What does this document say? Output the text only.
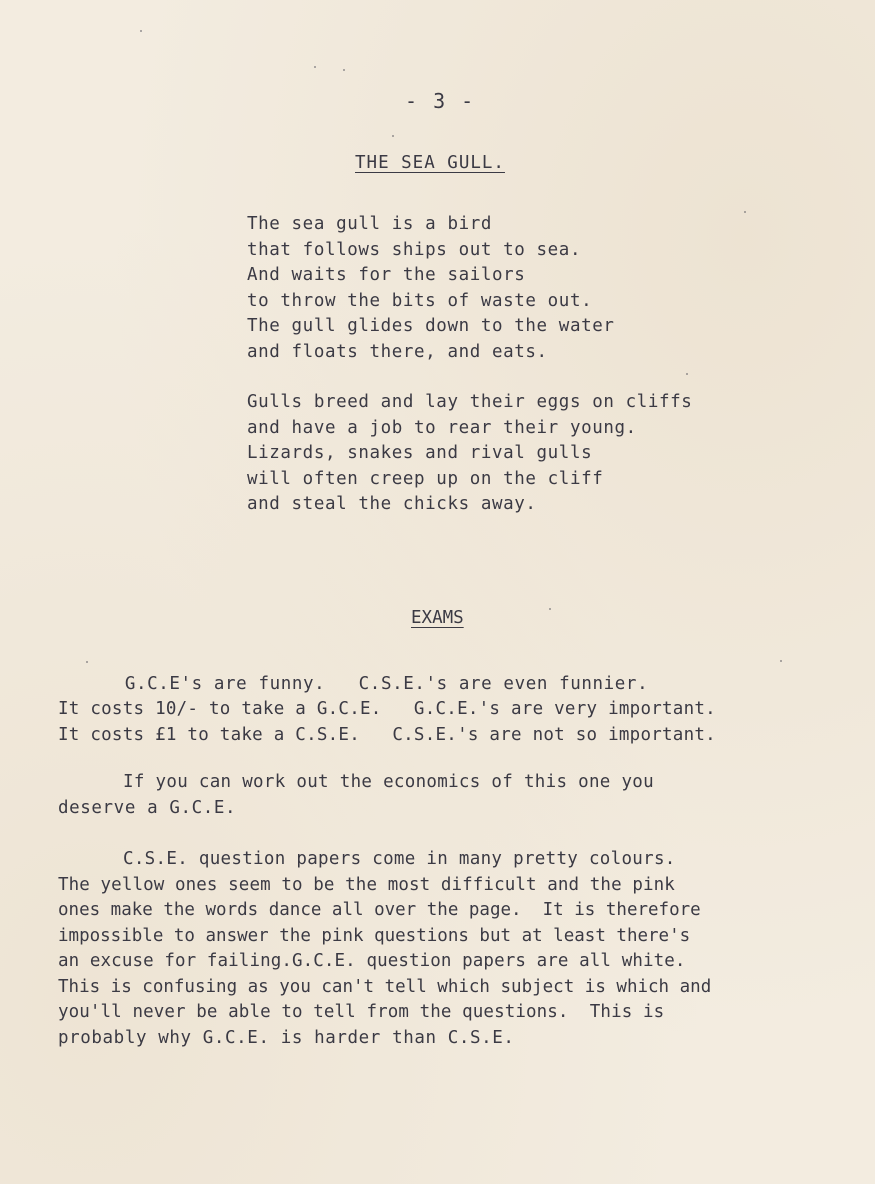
- 3 -
THE SEA GULL.
The sea gull is a bird
that follows ships out to sea.
And waits for the sailors
to throw the bits of waste out.
The gull glides down to the water
and floats there, and eats.
Gulls breed and lay their eggs on cliffs
and have a job to rear their young.
Lizards, snakes and rival gulls
will often creep up on the cliff
and steal the chicks away.
EXAMS
G.C.E's are funny.   C.S.E.'s are even funnier.
It costs 10/- to take a G.C.E.   G.C.E.'s are very important.
It costs £1 to take a C.S.E.   C.S.E.'s are not so important.
If you can work out the economics of this one you
deserve a G.C.E.
C.S.E. question papers come in many pretty colours.
The yellow ones seem to be the most difficult and the pink
ones make the words dance all over the page.  It is therefore
impossible to answer the pink questions but at least there's
an excuse for failing.G.C.E. question papers are all white.
This is confusing as you can't tell which subject is which and
you'll never be able to tell from the questions.  This is
probably why G.C.E. is harder than C.S.E.
